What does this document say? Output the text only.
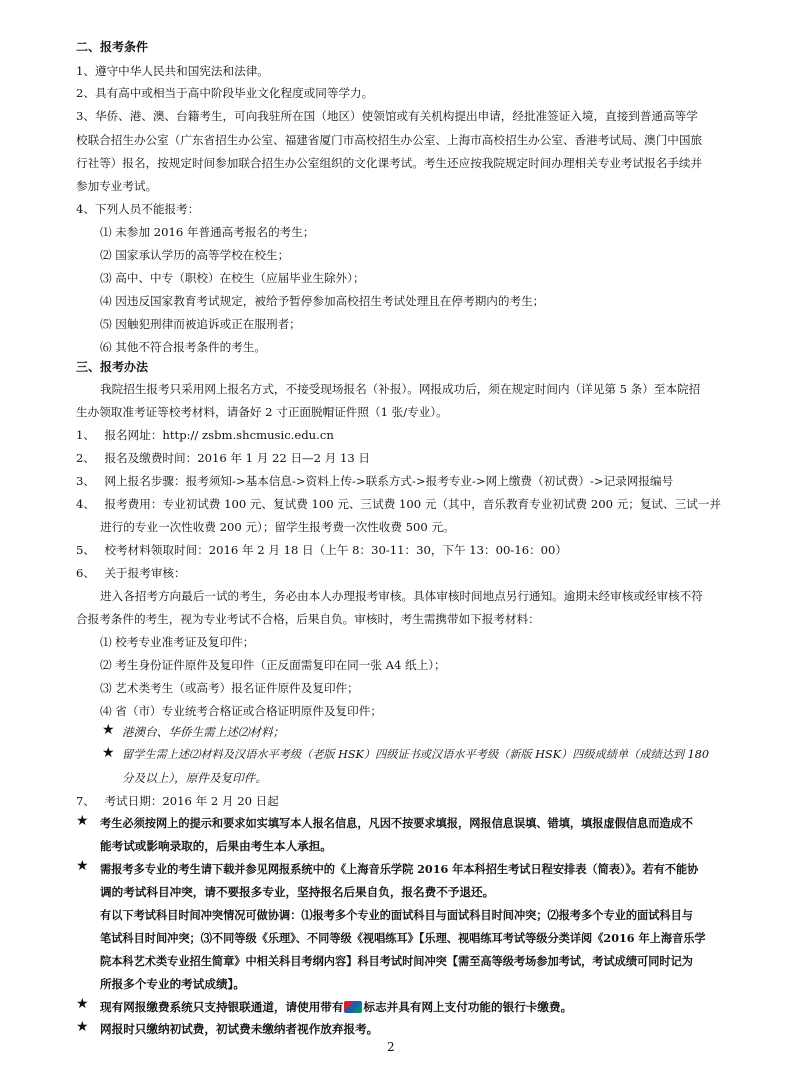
二、报考条件
1、遵守中华人民共和国宪法和法律。
2、具有高中或相当于高中阶段毕业文化程度或同等学力。
3、华侨、港、澳、台籍考生，可向我驻所在国（地区）使领馆或有关机构提出申请，经批准签证入境，直接到普通高等学
校联合招生办公室（广东省招生办公室、福建省厦门市高校招生办公室、上海市高校招生办公室、香港考试局、澳门中国旅
行社等）报名，按规定时间参加联合招生办公室组织的文化课考试。考生还应按我院规定时间办理相关专业考试报名手续并
参加专业考试。
4、下列人员不能报考：
⑴ 未参加 2016 年普通高考报名的考生；
⑵ 国家承认学历的高等学校在校生；
⑶ 高中、中专（职校）在校生（应届毕业生除外）；
⑷ 因违反国家教育考试规定，被给予暂停参加高校招生考试处理且在停考期内的考生；
⑸ 因触犯刑律而被追诉或正在服刑者；
⑹ 其他不符合报考条件的考生。
三、报考办法
我院招生报考只采用网上报名方式，不接受现场报名（补报）。网报成功后，须在规定时间内（详见第 5 条）至本院招
生办领取准考证等校考材料，请备好 2 寸正面脱帽证件照（1 张/专业）。
1、　 报名网址：http:// zsbm.shcmusic.edu.cn
2、　 报名及缴费时间：2016 年 1 月 22 日—2 月 13 日
3、　 网上报名步骤：报考须知->基本信息->资料上传->联系方式->报考专业->网上缴费（初试费）->记录网报编号
4、　 报考费用：专业初试费 100 元、复试费 100 元、三试费 100 元（其中，音乐教育专业初试费 200 元；复试、三试一并
进行的专业一次性收费 200 元）；留学生报考费一次性收费 500 元。
5、　 校考材料领取时间：2016 年 2 月 18 日（上午 8：30-11：30，下午 13：00-16：00）
6、　 关于报考审核：
进入各招考方向最后一试的考生，务必由本人办理报考审核。具体审核时间地点另行通知。逾期未经审核或经审核不符
合报考条件的考生，视为专业考试不合格，后果自负。审核时，考生需携带如下报考材料：
⑴ 校考专业准考证及复印件；
⑵ 考生身份证件原件及复印件（正反面需复印在同一张 A4 纸上）；
⑶ 艺术类考生（或高考）报名证件原件及复印件；
⑷ 省（市）专业统考合格证或合格证明原件及复印件；
★ 港澳台、华侨生需上述⑵材料；
★ 留学生需上述⑵材料及汉语水平考级（老版 HSK）四级证书或汉语水平考级（新版 HSK）四级成绩单（成绩达到 180
分及以上），原件及复印件。
7、　 考试日期：2016 年 2 月 20 日起
★ 考生必须按网上的提示和要求如实填写本人报名信息，凡因不按要求填报，网报信息误填、错填，填报虚假信息而造成不
能考试或影响录取的，后果由考生本人承担。
★ 需报考多专业的考生请下载并参见网报系统中的《上海音乐学院 2016 年本科招生考试日程安排表（简表）》。若有不能协
调的考试科目冲突，请不要报多专业，坚持报名后果自负，报名费不予退还。
有以下考试科目时间冲突情况可做协调：⑴报考多个专业的面试科目与面试科目时间冲突；⑵报考多个专业的面试科目与
笔试科目时间冲突；⑶不同等级《乐理》、不同等级《视唱练耳》【乐理、视唱练耳考试等级分类详阅《2016 年上海音乐学
院本科艺术类专业招生简章》中相关科目考纲内容】科目考试时间冲突【需至高等级考场参加考试，考试成绩可同时记为
所报多个专业的考试成绩】。
★ 现有网报缴费系统只支持银联通道，请使用带有 标志并具有网上支付功能的银行卡缴费。
★ 网报时只缴纳初试费，初试费未缴纳者视作放弃报考。
2
